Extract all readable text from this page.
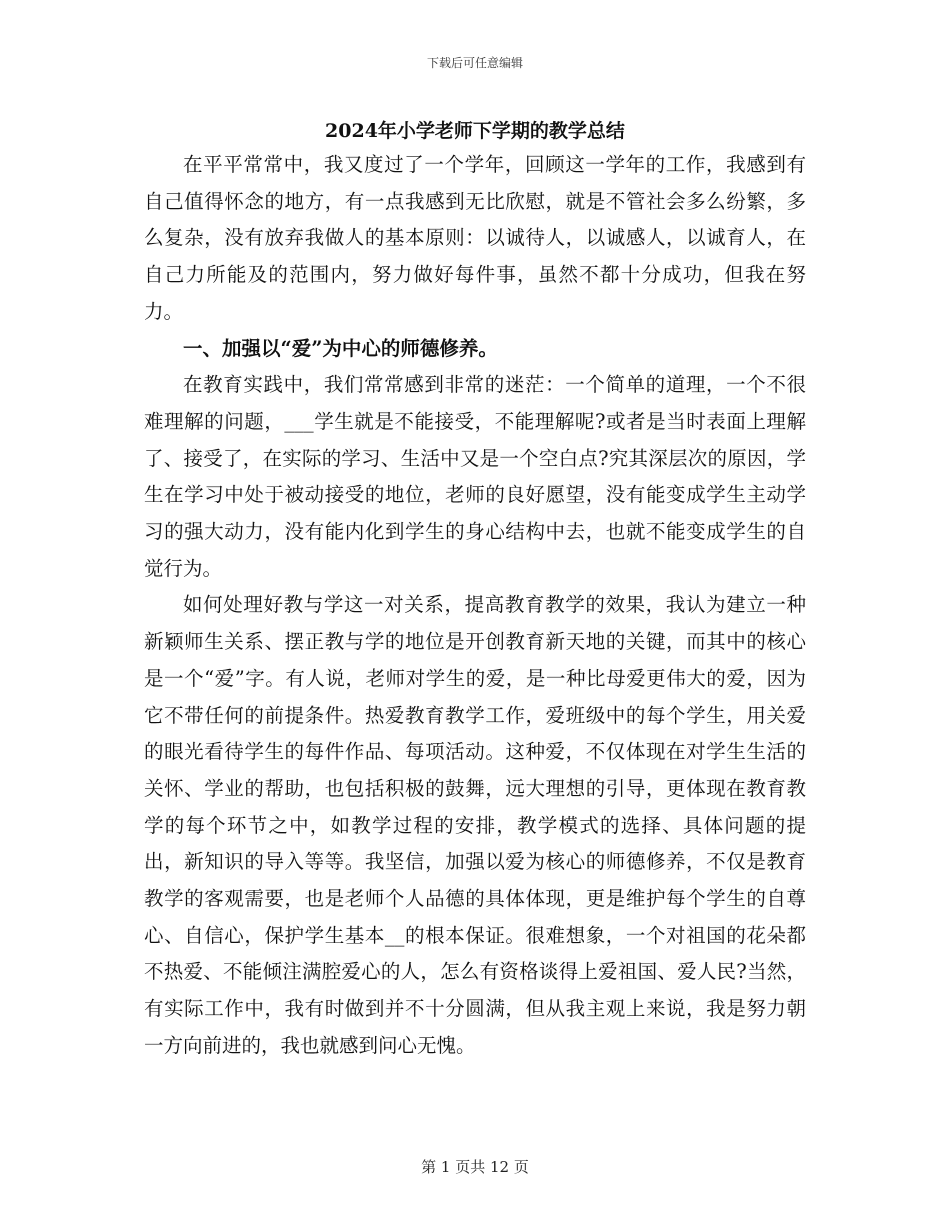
下载后可任意编辑
2024年小学老师下学期的教学总结

在平平常常中，我又度过了一个学年，回顾这一学年的工作，我感到有自己值得怀念的地方，有一点我感到无比欣慰，就是不管社会多么纷繁，多么复杂，没有放弃我做人的基本原则：以诚待人，以诚感人，以诚育人，在自己力所能及的范围内，努力做好每件事，虽然不都十分成功，但我在努力。

一、加强以“爱”为中心的师德修养。

在教育实践中，我们常常感到非常的迷茫：一个简单的道理，一个不很难理解的问题，___学生就是不能接受，不能理解呢?或者是当时表面上理解了、接受了，在实际的学习、生活中又是一个空白点?究其深层次的原因，学生在学习中处于被动接受的地位，老师的良好愿望，没有能变成学生主动学习的强大动力，没有能内化到学生的身心结构中去，也就不能变成学生的自觉行为。

如何处理好教与学这一对关系，提高教育教学的效果，我认为建立一种新颖师生关系、摆正教与学的地位是开创教育新天地的关键，而其中的核心是一个“爱”字。有人说，老师对学生的爱，是一种比母爱更伟大的爱，因为它不带任何的前提条件。热爱教育教学工作，爱班级中的每个学生，用关爱的眼光看待学生的每件作品、每项活动。这种爱，不仅体现在对学生生活的关怀、学业的帮助，也包括积极的鼓舞，远大理想的引导，更体现在教育教学的每个环节之中，如教学过程的安排，教学模式的选择、具体问题的提出，新知识的导入等等。我坚信，加强以爱为核心的师德修养，不仅是教育教学的客观需要，也是老师个人品德的具体体现，更是维护每个学生的自尊心、自信心，保护学生基本__的根本保证。很难想象，一个对祖国的花朵都不热爱、不能倾注满腔爱心的人，怎么有资格谈得上爱祖国、爱人民?当然，有实际工作中，我有时做到并不十分圆满，但从我主观上来说，我是努力朝一方向前进的，我也就感到问心无愧。

第 1 页共 12 页
